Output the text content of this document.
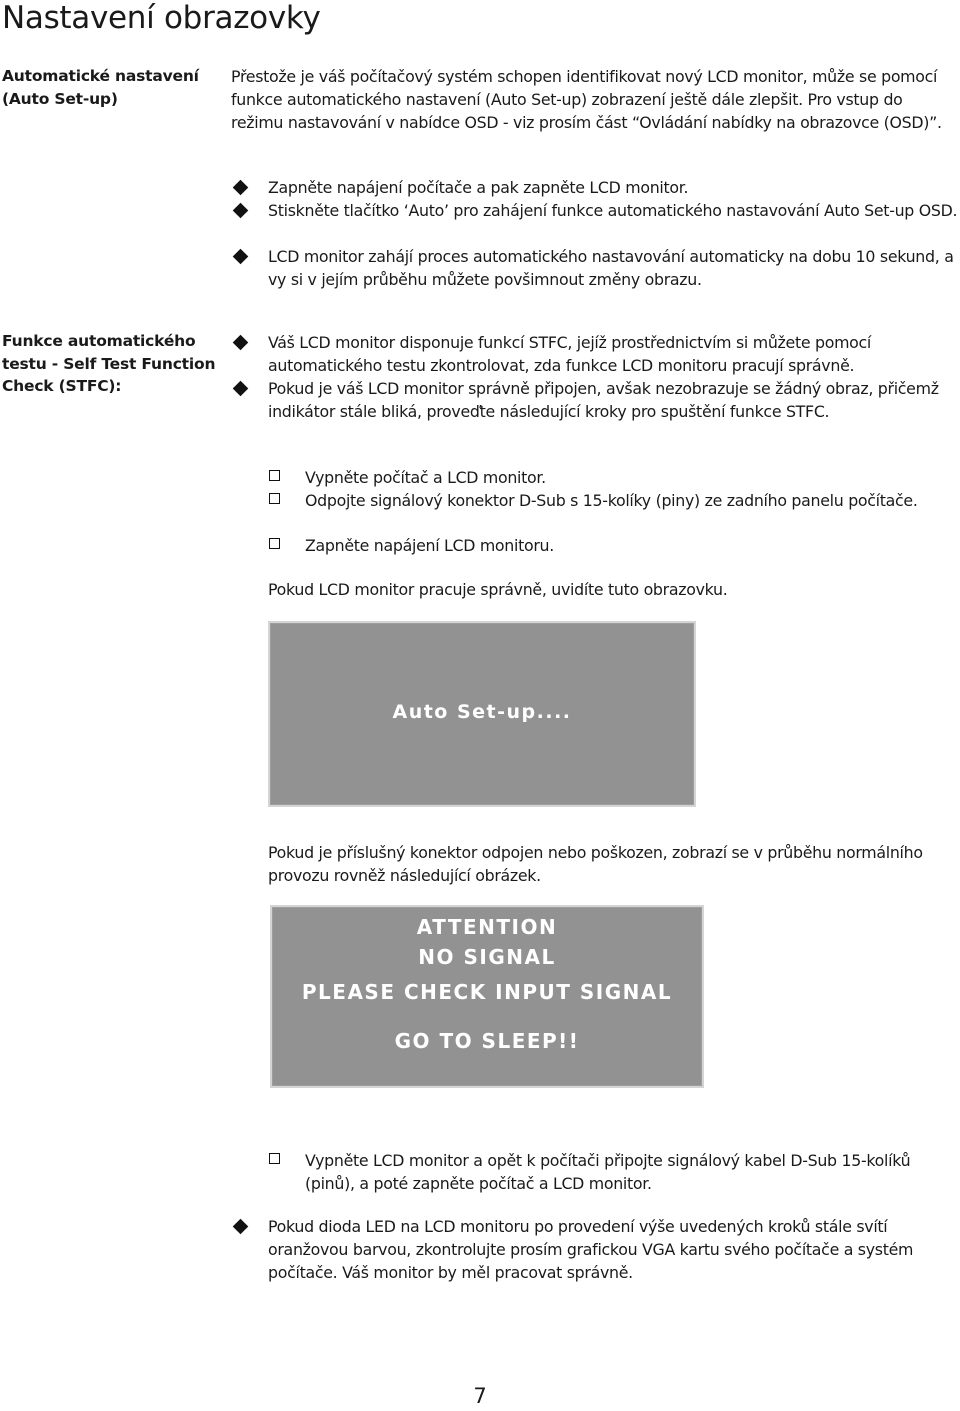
Nastavení obrazovky
Automatické nastavení (Auto Set-up)
Přestože je váš počítačový systém schopen identifikovat nový LCD monitor, může se pomocí funkce automatického nastavení (Auto Set-up) zobrazení ještě dále zlepšit. Pro vstup do režimu nastavování v nabídce OSD - viz prosím část “Ovládání nabídky na obrazovce (OSD)”.
Zapněte napájení počítače a pak zapněte LCD monitor.
Stiskněte tlačítko ‘Auto’ pro zahájení funkce automatického nastavování Auto Set-up OSD.
LCD monitor zahájí proces automatického nastavování automaticky na dobu 10 sekund, a vy si v jejím průběhu můžete povšimnout změny obrazu.
Funkce automatického testu - Self Test Function Check (STFC):
Váš LCD monitor disponuje funkcí STFC, jejíž prostřednictvím si můžete pomocí automatického testu zkontrolovat, zda funkce LCD monitoru pracují správně.
Pokud je váš LCD monitor správně připojen, avšak nezobrazuje se žádný obraz, přičemž indikátor stále bliká, proveďte následující kroky pro spuštění funkce STFC.
Vypněte počítač a LCD monitor.
Odpojte signálový konektor D-Sub s 15-kolíky (piny) ze zadního panelu počítače.
Zapněte napájení LCD monitoru.
Pokud LCD monitor pracuje správně, uvidíte tuto obrazovku.
Auto Set-up....
Pokud je příslušný konektor odpojen nebo poškozen, zobrazí se v průběhu normálního provozu rovněž následující obrázek.
ATTENTION
NO SIGNAL
PLEASE CHECK INPUT SIGNAL
GO TO SLEEP!!
Vypněte LCD monitor a opět k počítači připojte signálový kabel D-Sub 15-kolíků (pinů), a poté zapněte počítač a LCD monitor.
Pokud dioda LED na LCD monitoru po provedení výše uvedených kroků stále svítí oranžovou barvou, zkontrolujte prosím grafickou VGA kartu svého počítače a systém počítače. Váš monitor by měl pracovat správně.
7
